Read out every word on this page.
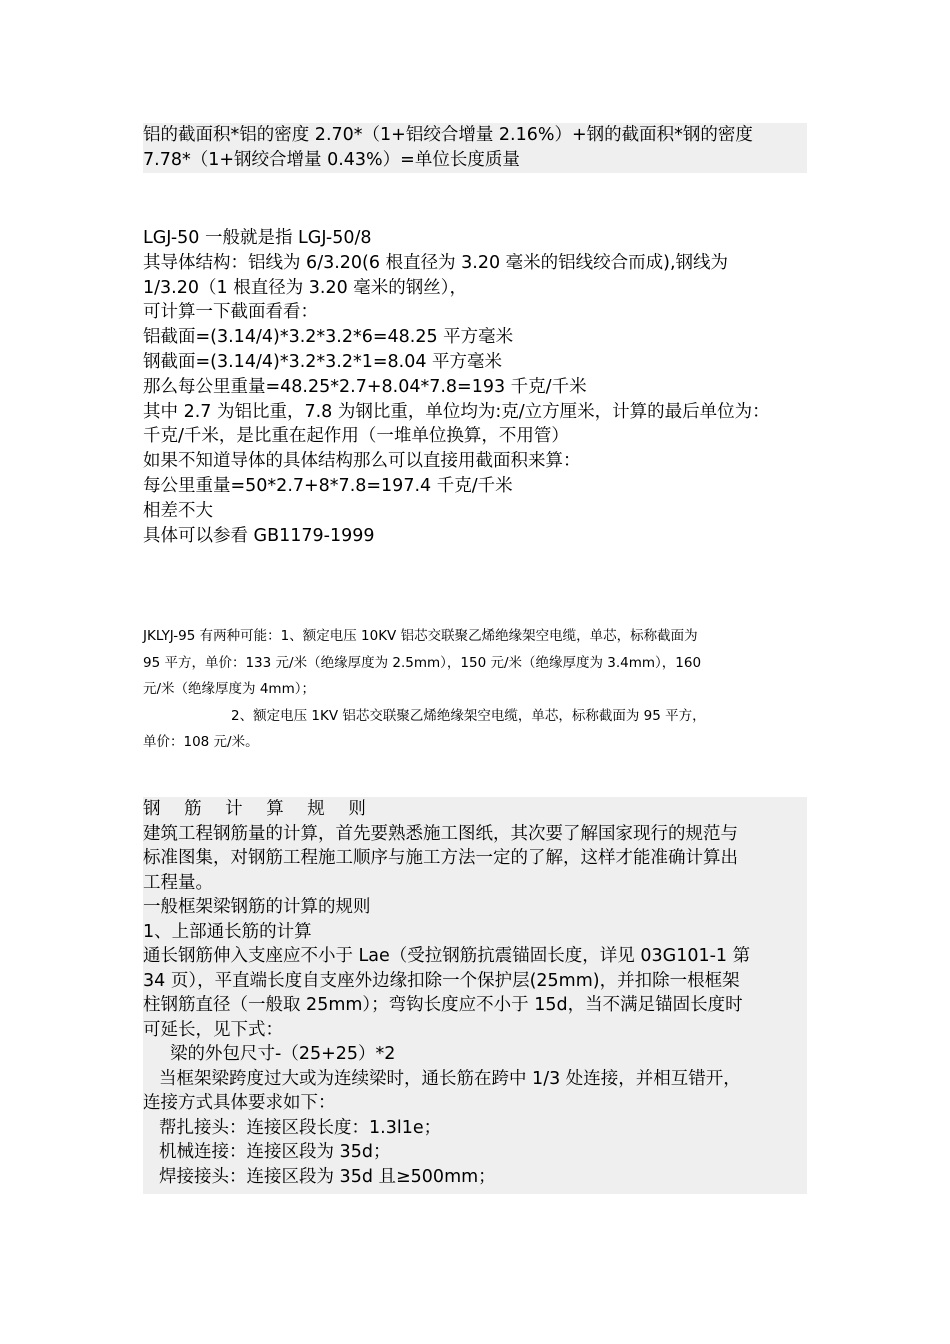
铝的截面积*铝的密度 2.70*（1+铝绞合增量 2.16%）+钢的截面积*钢的密度
7.78*（1+钢绞合增量 0.43%）=单位长度质量
LGJ-50 一般就是指 LGJ-50/8
其导体结构：铝线为 6/3.20(6 根直径为 3.20 毫米的铝线绞合而成),钢线为
1/3.20（1 根直径为 3.20 毫米的钢丝），
可计算一下截面看看：
铝截面=(3.14/4)*3.2*3.2*6=48.25 平方毫米
钢截面=(3.14/4)*3.2*3.2*1=8.04 平方毫米
那么每公里重量=48.25*2.7+8.04*7.8=193 千克/千米
其中 2.7 为铝比重，7.8 为钢比重，单位均为:克/立方厘米，计算的最后单位为：
千克/千米，是比重在起作用（一堆单位换算，不用管）
如果不知道导体的具体结构那么可以直接用截面积来算：
每公里重量=50*2.7+8*7.8=197.4 千克/千米
相差不大
具体可以参看 GB1179-1999
JKLYJ-95 有两种可能：1、额定电压 10KV 铝芯交联聚乙烯绝缘架空电缆，单芯，标称截面为
95 平方，单价：133 元/米（绝缘厚度为 2.5mm），150 元/米（绝缘厚度为 3.4mm），160
元/米（绝缘厚度为 4mm）；
2、额定电压 1KV 铝芯交联聚乙烯绝缘架空电缆，单芯，标称截面为 95 平方，
单价：108 元/米。
钢 筋 计 算 规 则
建筑工程钢筋量的计算，首先要熟悉施工图纸，其次要了解国家现行的规范与
标准图集，对钢筋工程施工顺序与施工方法一定的了解，这样才能准确计算出
工程量。
一般框架梁钢筋的计算的规则
1、上部通长筋的计算
通长钢筋伸入支座应不小于 Lae（受拉钢筋抗震锚固长度，详见 03G101-1 第
34 页），平直端长度自支座外边缘扣除一个保护层(25mm)，并扣除一根框架
柱钢筋直径（一般取 25mm）；弯钩长度应不小于 15d，当不满足锚固长度时
可延长，见下式：
梁的外包尺寸-（25+25）*2
当框架梁跨度过大或为连续梁时，通长筋在跨中 1/3 处连接，并相互错开，
连接方式具体要求如下：
帮扎接头：连接区段长度：1.3l1e；
机械连接：连接区段为 35d；
焊接接头：连接区段为 35d 且≥500mm；
